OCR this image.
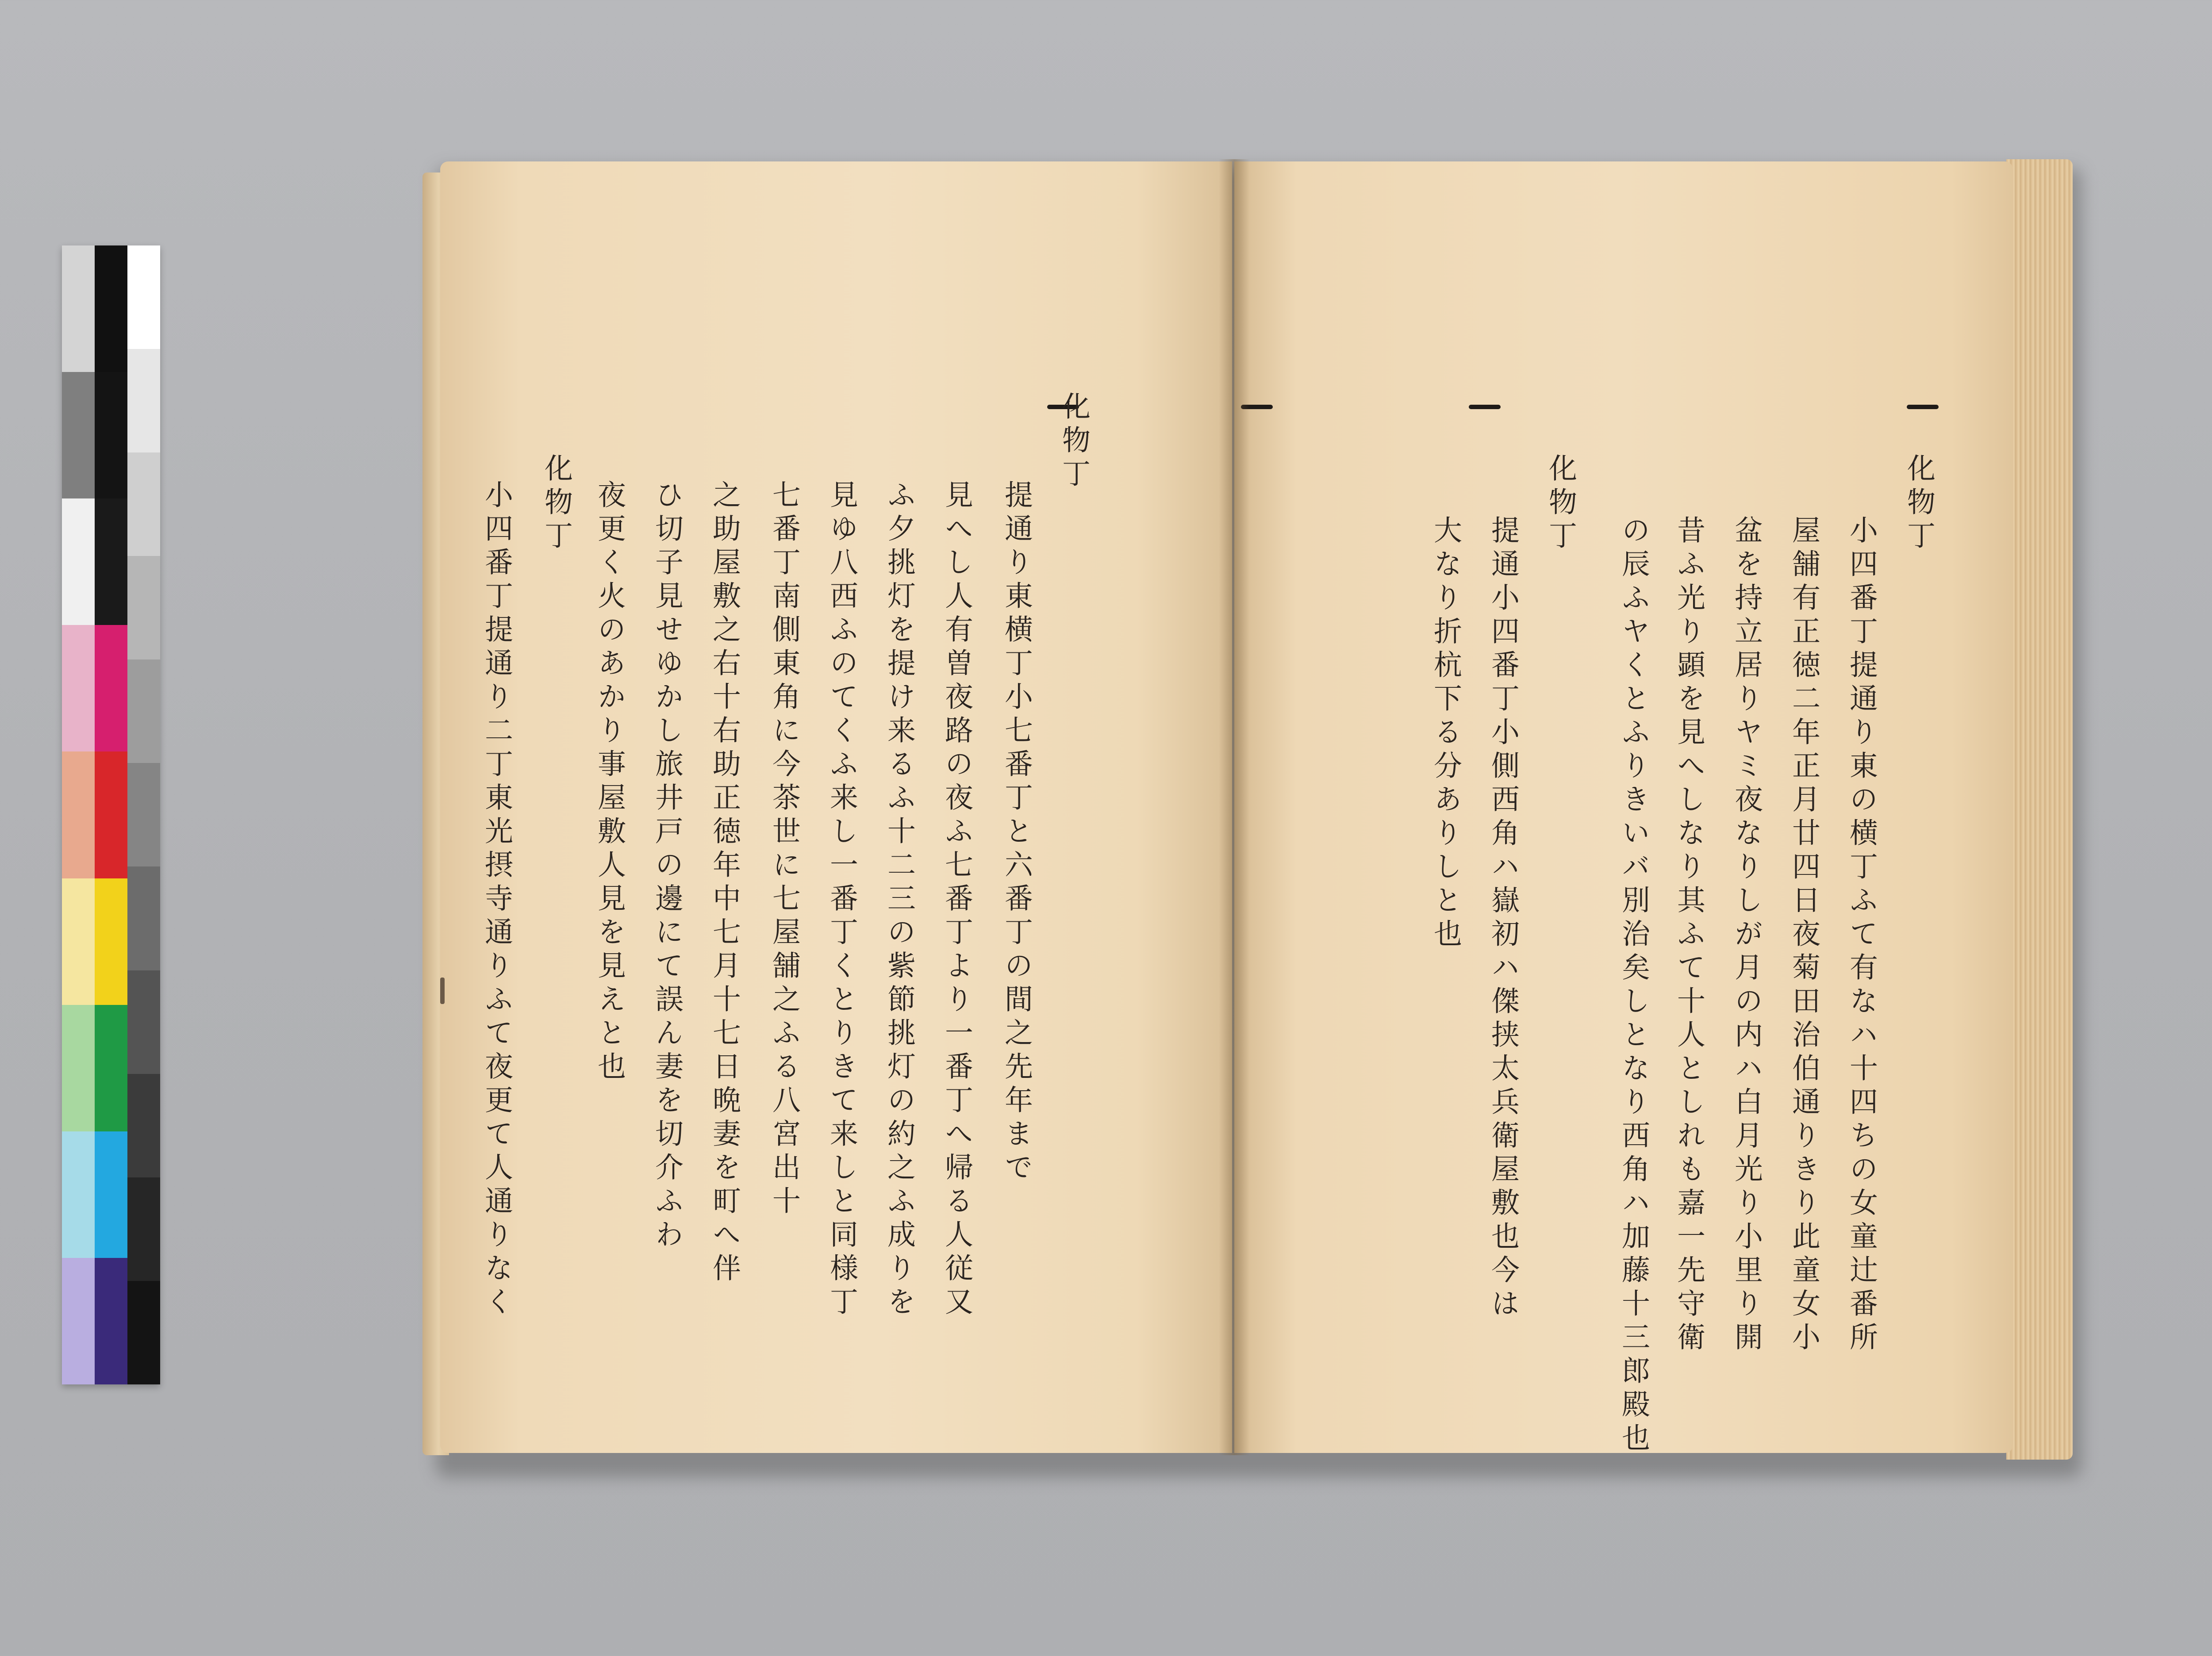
化物丁
提通り東横丁小七番丁と六番丁の間之先年まで
見へし人有曽夜路の夜ふ七番丁より一番丁へ帰る人従又
ふ夕挑灯を提け来るふ十二三の紫節挑灯の約之ふ成りを
見ゆ八西ふのてくふ来し一番丁くとりきて来しと同様丁
七番丁南側東角に今茶世に七屋舗之ふる八宮出十
之助屋敷之右十右助正徳年中七月十七日晩妻を町へ伴
ひ切子見せゆかし旅井戸の邊にて誤ん妻を切介ふわ
夜更く火のあかり事屋敷人見を見えと也
化物丁
小四番丁提通り二丁東光摂寺通りふて夜更て人通りなく	化物丁
小四番丁提通り東の横丁ふて有なハ十四ちの女童辻番所
屋舗有正徳二年正月廿四日夜菊田治伯通りきり此童女小
盆を持立居りヤミ夜なりしが月の内ハ白月光り小里り開
昔ふ光り顕を見へしなり其ふて十人としれも嘉一先守衛
の辰ふヤくとふりきいバ別治矣しとなり西角ハ加藤十三郎殿也
化物丁
提通小四番丁小側西角ハ嶽初ハ傑挟太兵衛屋敷也今は
大なり折杭下る分ありしと也
